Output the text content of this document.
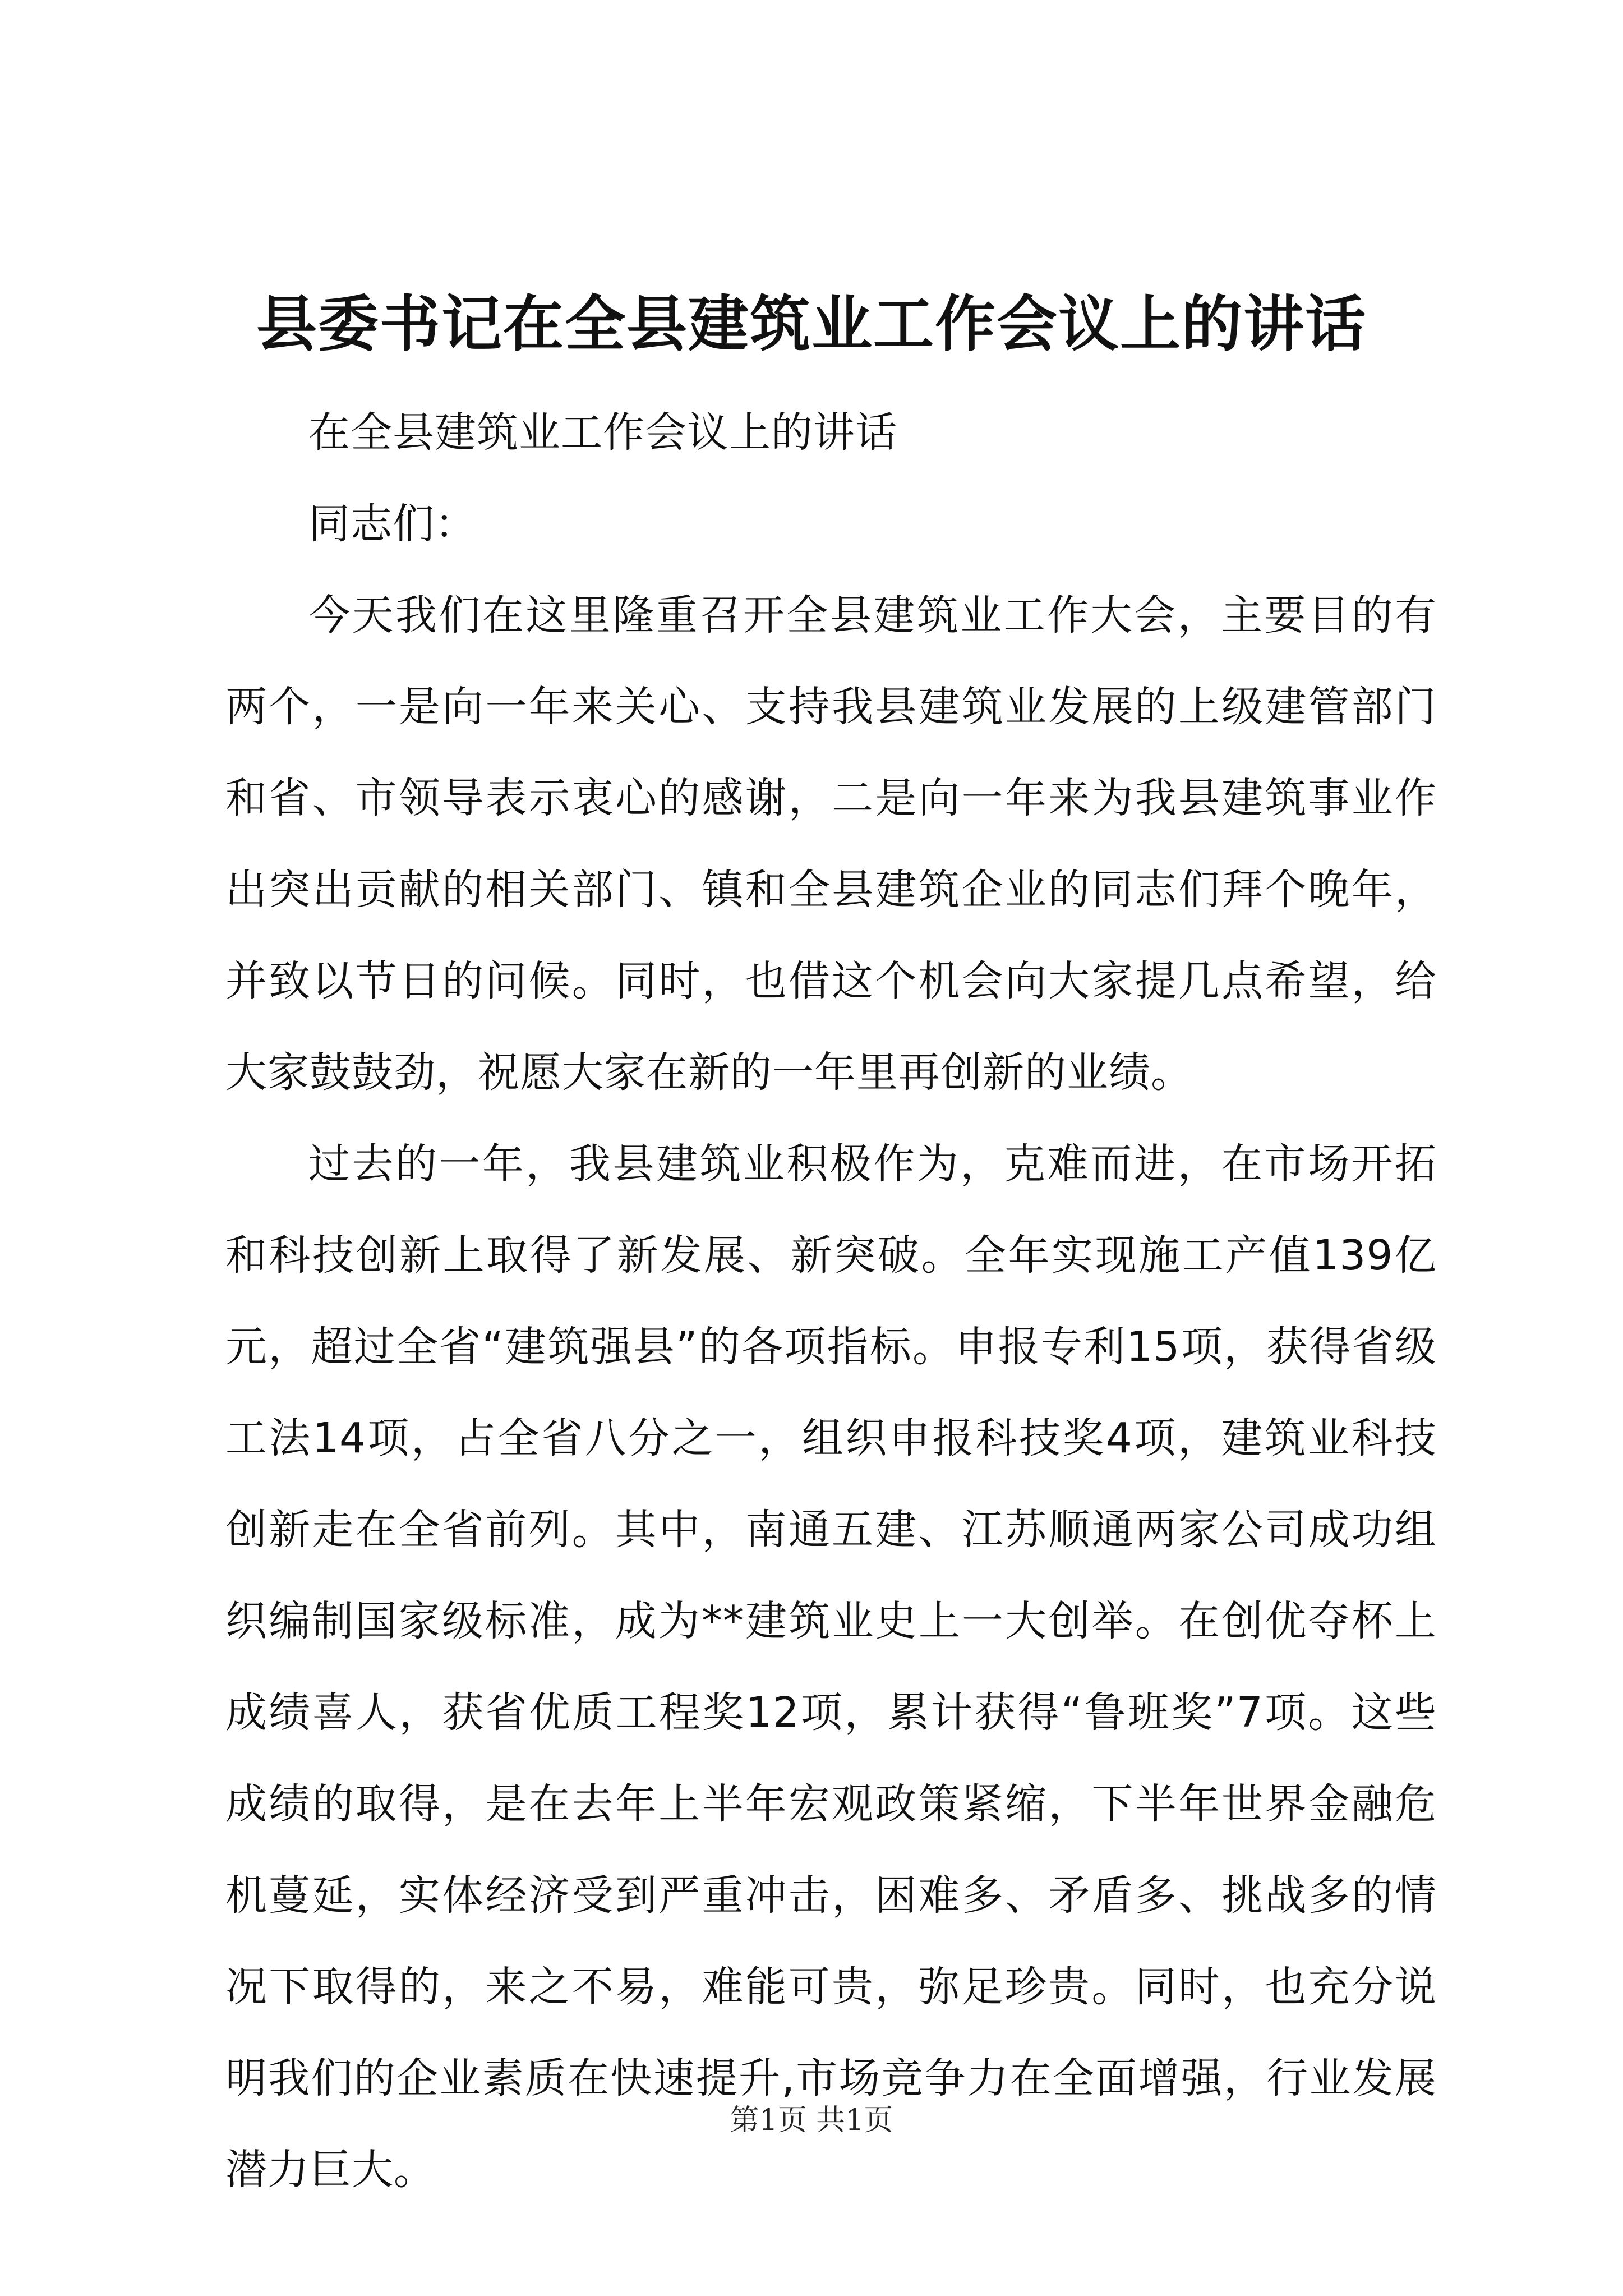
县委书记在全县建筑业工作会议上的讲话

在全县建筑业工作会议上的讲话

同志们：

今天我们在这里隆重召开全县建筑业工作大会，主要目的有两个，一是向一年来关心、支持我县建筑业发展的上级建管部门和省、市领导表示衷心的感谢，二是向一年来为我县建筑事业作出突出贡献的相关部门、镇和全县建筑企业的同志们拜个晚年，并致以节日的问候。同时，也借这个机会向大家提几点希望，给大家鼓鼓劲，祝愿大家在新的一年里再创新的业绩。

过去的一年，我县建筑业积极作为，克难而进，在市场开拓和科技创新上取得了新发展、新突破。全年实现施工产值139亿元，超过全省“建筑强县”的各项指标。申报专利15项，获得省级工法14项，占全省八分之一，组织申报科技奖4项，建筑业科技创新走在全省前列。其中，南通五建、江苏顺通两家公司成功组织编制国家级标准，成为**建筑业史上一大创举。在创优夺杯上成绩喜人，获省优质工程奖12项，累计获得“鲁班奖”7项。这些成绩的取得，是在去年上半年宏观政策紧缩，下半年世界金融危机蔓延，实体经济受到严重冲击，困难多、矛盾多、挑战多的情况下取得的，来之不易，难能可贵，弥足珍贵。同时，也充分说明我们的企业素质在快速提升,市场竞争力在全面增强，行业发展潜力巨大。

第1页 共1页
